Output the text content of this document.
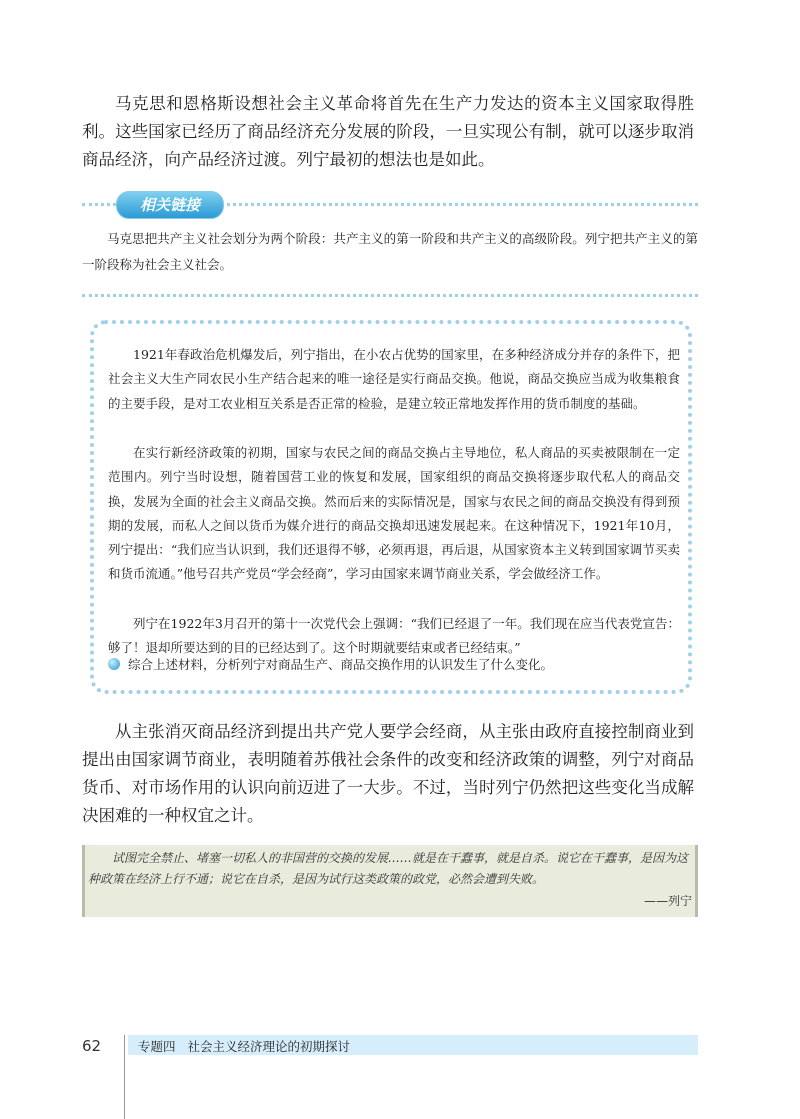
马克思和恩格斯设想社会主义革命将首先在生产力发达的资本主义国家取得胜利。这些国家已经历了商品经济充分发展的阶段，一旦实现公有制，就可以逐步取消商品经济，向产品经济过渡。列宁最初的想法也是如此。

相关链接

马克思把共产主义社会划分为两个阶段：共产主义的第一阶段和共产主义的高级阶段。列宁把共产主义的第一阶段称为社会主义社会。

1921年春政治危机爆发后，列宁指出，在小农占优势的国家里，在多种经济成分并存的条件下，把社会主义大生产同农民小生产结合起来的唯一途径是实行商品交换。他说，商品交换应当成为收集粮食的主要手段，是对工农业相互关系是否正常的检验，是建立较正常地发挥作用的货币制度的基础。

在实行新经济政策的初期，国家与农民之间的商品交换占主导地位，私人商品的买卖被限制在一定范围内。列宁当时设想，随着国营工业的恢复和发展，国家组织的商品交换将逐步取代私人的商品交换，发展为全面的社会主义商品交换。然而后来的实际情况是，国家与农民之间的商品交换没有得到预期的发展，而私人之间以货币为媒介进行的商品交换却迅速发展起来。在这种情况下，1921年10月，列宁提出：“我们应当认识到，我们还退得不够，必须再退，再后退，从国家资本主义转到国家调节买卖和货币流通。”他号召共产党员“学会经商”，学习由国家来调节商业关系，学会做经济工作。

列宁在1922年3月召开的第十一次党代会上强调：“我们已经退了一年。我们现在应当代表党宣告：够了！退却所要达到的目的已经达到了。这个时期就要结束或者已经结束。”

综合上述材料，分析列宁对商品生产、商品交换作用的认识发生了什么变化。

从主张消灭商品经济到提出共产党人要学会经商，从主张由政府直接控制商业到提出由国家调节商业，表明随着苏俄社会条件的改变和经济政策的调整，列宁对商品货币、对市场作用的认识向前迈进了一大步。不过，当时列宁仍然把这些变化当成解决困难的一种权宜之计。

试图完全禁止、堵塞一切私人的非国营的交换的发展……就是在干蠢事，就是自杀。说它在干蠢事，是因为这种政策在经济上行不通；说它在自杀，是因为试行这类政策的政党，必然会遭到失败。

——列宁
62	专题四 社会主义经济理论的初期探讨
